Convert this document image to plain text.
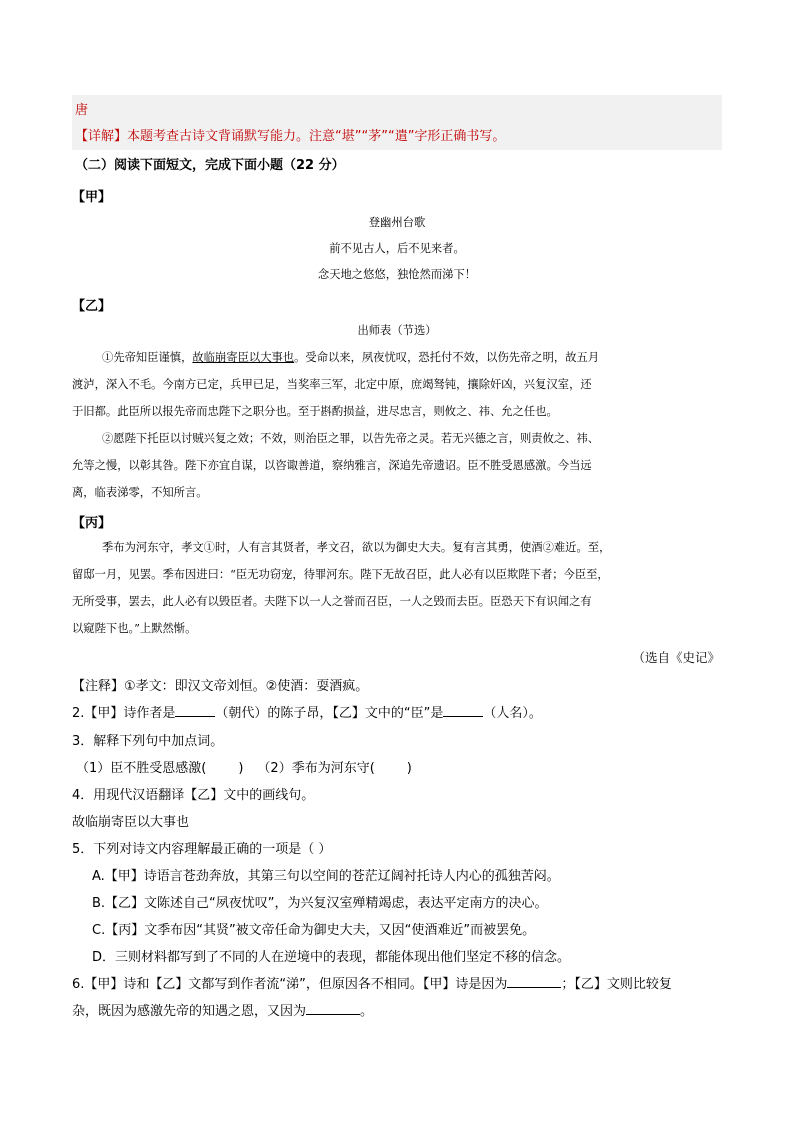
唐
【详解】本题考查古诗文背诵默写能力。注意“堪”“茅”“遣”字形正确书写。
（二）阅读下面短文，完成下面小题（22 分）
【甲】
登幽州台歌
前不见古人，后不见来者。
念天地之悠悠，独怆然而涕下！
【乙】
出师表（节选）
①先帝知臣谨慎，故临崩寄臣以大事也。受命以来，夙夜忧叹，恐托付不效，以伤先帝之明，故五月
渡泸，深入不毛。今南方已定，兵甲已足，当奖率三军，北定中原，庶竭驽钝，攘除奸凶，兴复汉室，还
于旧都。此臣所以报先帝而忠陛下之职分也。至于斟酌损益，进尽忠言，则攸之、祎、允之任也。
②愿陛下托臣以讨贼兴复之效；不效，则治臣之罪，以告先帝之灵。若无兴德之言，则责攸之、祎、
允等之慢，以彰其咎。陛下亦宜自谋，以咨诹善道，察纳雅言，深追先帝遗诏。臣不胜受恩感激。今当远
离，临表涕零，不知所言。
【丙】
季布为河东守，孝文①时，人有言其贤者，孝文召，欲以为御史大夫。复有言其勇，使酒②难近。至，
留邸一月，见罢。季布因进曰：“臣无功窃宠，待罪河东。陛下无故召臣，此人必有以臣欺陛下者；今臣至，
无所受事，罢去，此人必有以毁臣者。夫陛下以一人之誉而召臣，一人之毁而去臣。臣恐天下有识闻之有
以窥陛下也。”上默然惭。
（选自《史记》
【注释】①孝文：即汉文帝刘恒。②使酒：耍酒疯。
2.【甲】诗作者是	（朝代）的陈子昂，【乙】文中的“臣”是	（人名）。
3．解释下列句中加点词。
（1）臣不胜受恩感激( ) （2）季布为河东守( )
4．用现代汉语翻译【乙】文中的画线句。
故临崩寄臣以大事也
5．下列对诗文内容理解最正确的一项是（ ）
A.【甲】诗语言苍劲奔放，其第三句以空间的苍茫辽阔衬托诗人内心的孤独苦闷。
B.【乙】文陈述自己“夙夜忧叹”，为兴复汉室殚精竭虑，表达平定南方的决心。
C.【丙】文季布因“其贤”被文帝任命为御史大夫，又因“使酒难近”而被罢免。
D．三则材料都写到了不同的人在逆境中的表现，都能体现出他们坚定不移的信念。
6.【甲】诗和【乙】文都写到作者流“涕”，但原因各不相同。【甲】诗是因为	；【乙】文则比较复
杂，既因为感激先帝的知遇之恩，又因为	。
